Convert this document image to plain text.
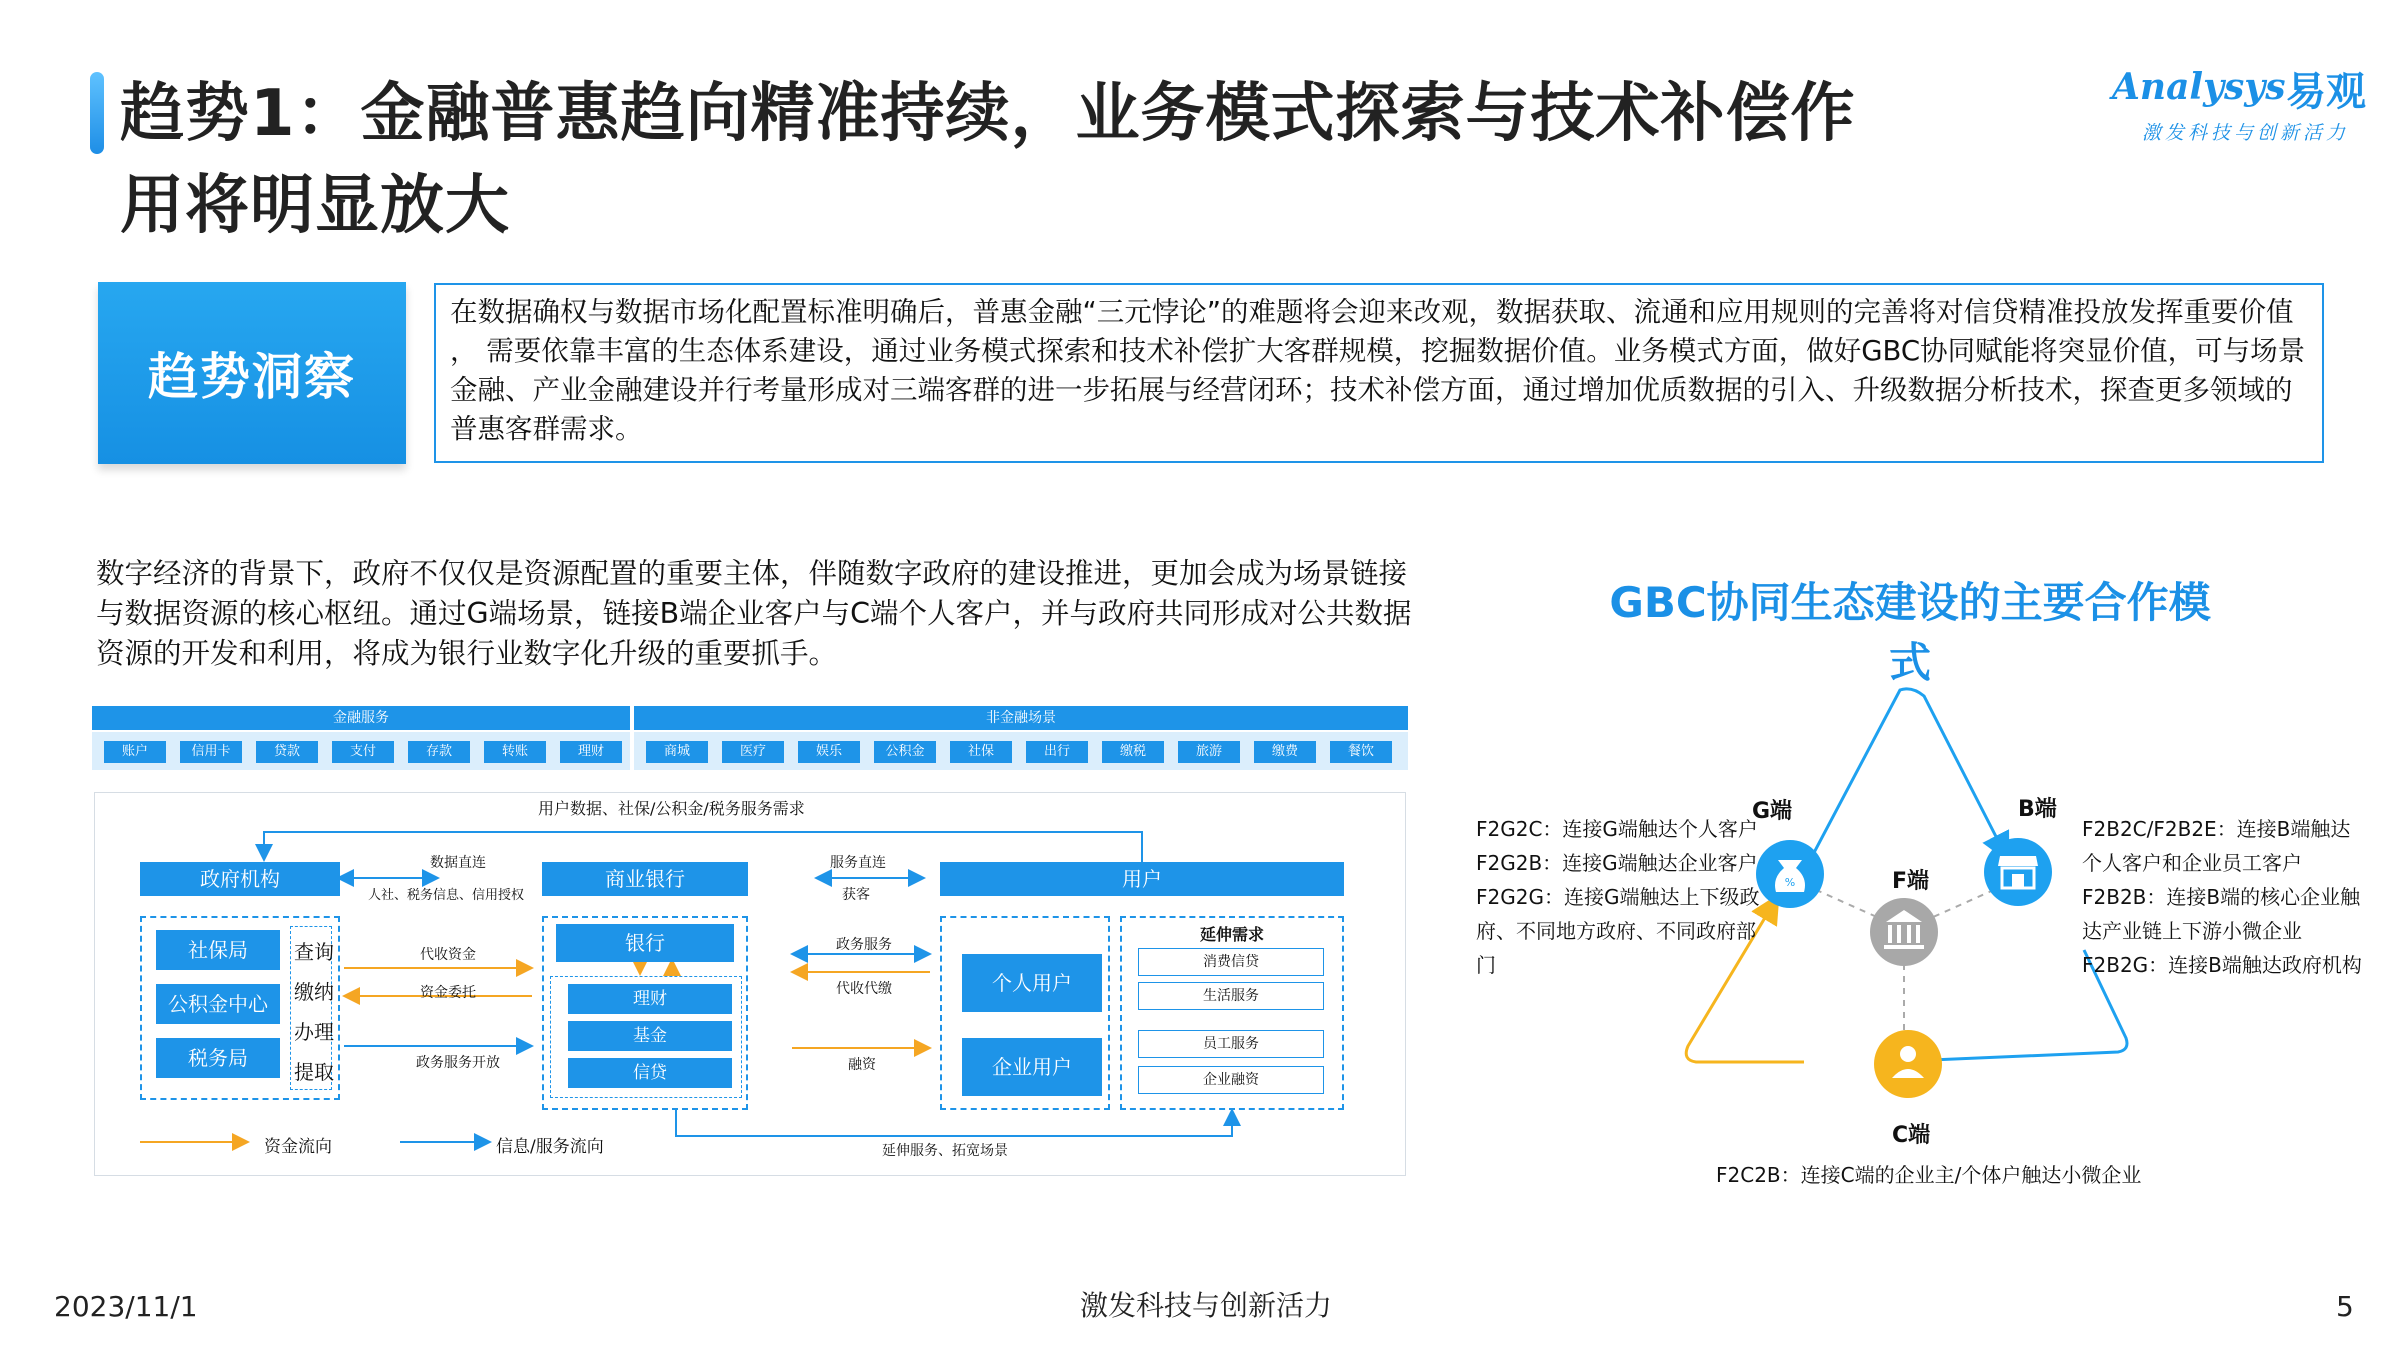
趋势1：金融普惠趋向精准持续，业务模式探索与技术补偿作
用将明显放大
Analysys 易观
激发科技与创新活力
趋势洞察
在数据确权与数据市场化配置标准明确后，普惠金融“三元悖论”的难题将会迎来改观，数据获取、流通和应用规则的完善将对信贷精准投放发挥重要价值 ， 需要依靠丰富的生态体系建设，通过业务模式探索和技术补偿扩大客群规模，挖掘数据价值。业务模式方面，做好GBC协同赋能将突显价值，可与场景金融、产业金融建设并行考量形成对三端客群的进一步拓展与经营闭环；技术补偿方面，通过增加优质数据的引入、升级数据分析技术，探查更多领域的普惠客群需求。
数字经济的背景下，政府不仅仅是资源配置的重要主体，伴随数字政府的建设推进，更加会成为场景链接与数据资源的核心枢纽。通过G端场景，链接B端企业客户与C端个人客户，并与政府共同形成对公共数据资源的开发和利用，将成为银行业数字化升级的重要抓手。
金融服务	非金融场景
账户	信用卡	贷款	支付	存款	转账	理财	商城	医疗	娱乐	公积金	社保	出行	缴税	旅游	缴费	餐饮
用户数据、社保/公积金/税务服务需求
政府机构	商业银行	用户
数据直连
人社、税务信息、信用授权
服务直连
获客
社保局
公积金中心
税务局
查询
缴纳
办理
提取
代收资金
资金委托
政务服务开放
银行
理财
基金
信贷
政务服务
代收代缴
融资
个人用户
企业用户
延伸需求
消费信贷
生活服务
员工服务
企业融资
资金流向	信息/服务流向	延伸服务、拓宽场景
GBC协同生态建设的主要合作模式
%
G端	B端
F端
C端
F2G2C：连接G端触达个人客户
F2G2B：连接G端触达企业客户
F2G2G：连接G端触达上下级政
府、不同地方政府、不同政府部
门
F2B2C/F2B2E：连接B端触达
个人客户和企业员工客户
F2B2B：连接B端的核心企业触
达产业链上下游小微企业
F2B2G：连接B端触达政府机构
F2C2B：连接C端的企业主/个体户触达小微企业
2023/11/1	激发科技与创新活力	5
